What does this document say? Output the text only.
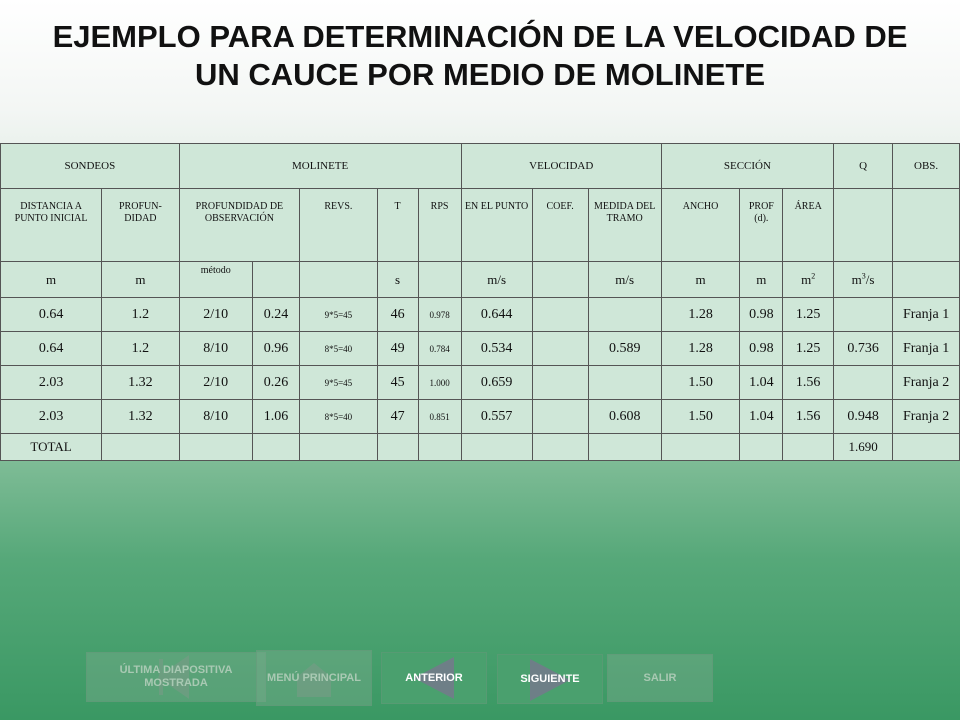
EJEMPLO PARA DETERMINACIÓN DE LA VELOCIDAD DE
UN CAUCE POR MEDIO DE MOLINETE
SONDEOS		MOLINETE					VELOCIDAD			SECCIÓN			Q	OBS.
DISTANCIA A PUNTO INICIAL	PROFUN- DIDAD	PROFUNDIDAD DE OBSERVACIÓN		REVS.	T	RPS	EN EL PUNTO	COEF.	MEDIDA DEL TRAMO	ANCHO	PROF (d).	ÁREA		
m	m	método			s		m/s		m/s	m	m	$m^2$	$m^3/s$	
0.64	1.2	2/10	0.24	9*5=45	46	0.978	0.644			1.28	0.98	1.25		Franja 1
0.64	1.2	8/10	0.96	8*5=40	49	0.784	0.534		0.589	1.28	0.98	1.25	0.736	Franja 1
2.03	1.32	2/10	0.26	9*5=45	45	1.000	0.659			1.50	1.04	1.56		Franja 2
2.03	1.32	8/10	1.06	8*5=40	47	0.851	0.557		0.608	1.50	1.04	1.56	0.948	Franja 2
TOTAL													1.690	
ÚLTIMA DIAPOSITIVA MOSTRADA	MENÚ PRINCIPAL	ANTERIOR	SIGUIENTE	SALIR
